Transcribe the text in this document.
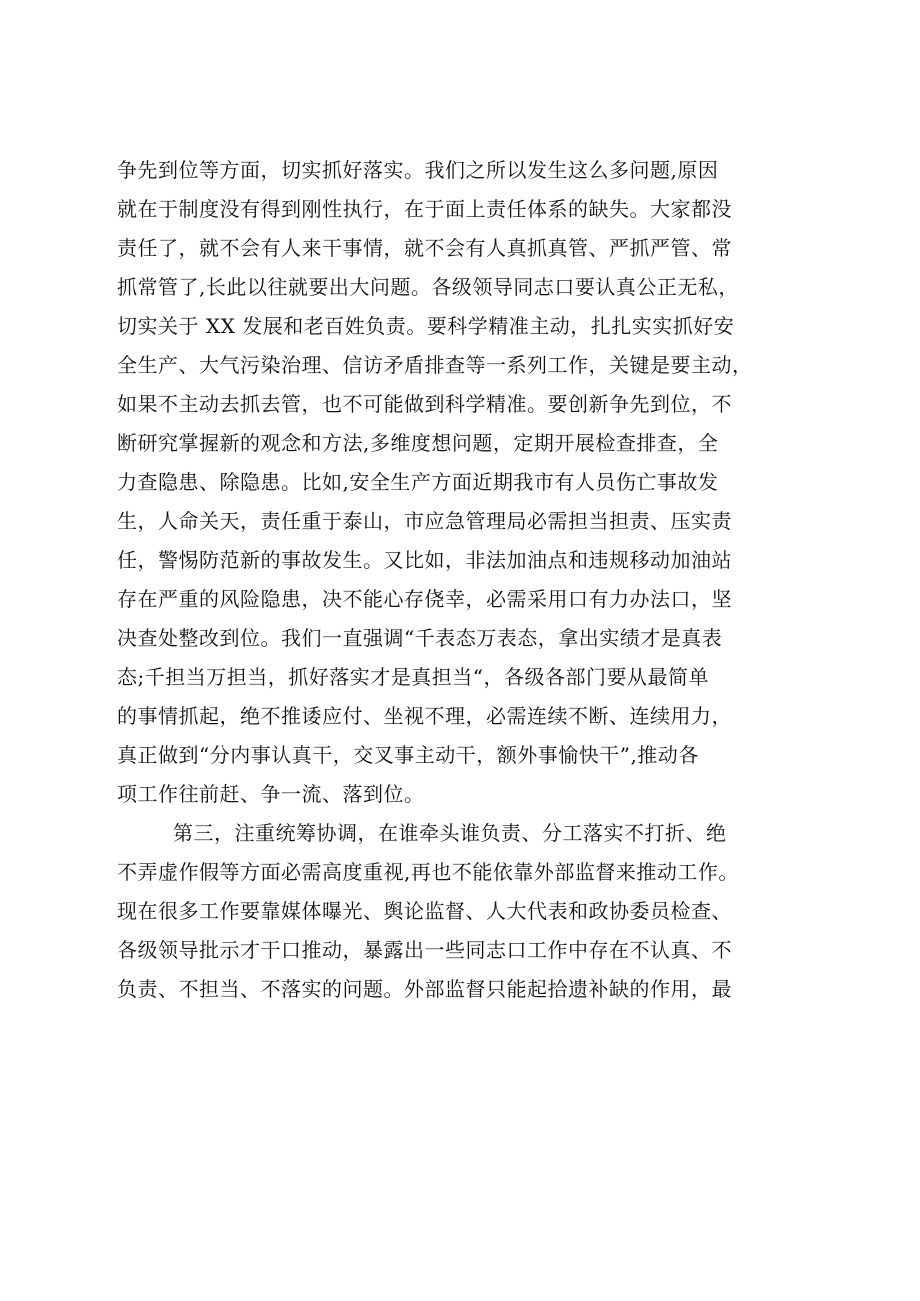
争先到位等方面，切实抓好落实。我们之所以发生这么多问题,原因
就在于制度没有得到刚性执行，在于面上责任体系的缺失。大家都没
责任了，就不会有人来干事情，就不会有人真抓真管、严抓严管、常
抓常管了,长此以往就要出大问题。各级领导同志口要认真公正无私，
切实关于 XX 发展和老百姓负责。要科学精准主动，扎扎实实抓好安
全生产、大气污染治理、信访矛盾排查等一系列工作，关键是要主动，
如果不主动去抓去管，也不可能做到科学精准。要创新争先到位，不
断研究掌握新的观念和方法,多维度想问题，定期开展检查排查，全
力查隐患、除隐患。比如,安全生产方面近期我市有人员伤亡事故发
生，人命关天，责任重于泰山，市应急管理局必需担当担责、压实责
任，警惕防范新的事故发生。又比如，非法加油点和违规移动加油站
存在严重的风险隐患，决不能心存侥幸，必需采用口有力办法口，坚
决查处整改到位。我们一直强调“千表态万表态，拿出实绩才是真表
态;千担当万担当，抓好落实才是真担当“，各级各部门要从最简单
的事情抓起，绝不推诿应付、坐视不理，必需连续不断、连续用力，
真正做到“分内事认真干，交叉事主动干，额外事愉快干”,推动各
项工作往前赶、争一流、落到位。
第三，注重统筹协调，在谁牵头谁负责、分工落实不打折、绝
不弄虚作假等方面必需高度重视,再也不能依靠外部监督来推动工作。
现在很多工作要靠媒体曝光、舆论监督、人大代表和政协委员检查、
各级领导批示才干口推动，暴露出一些同志口工作中存在不认真、不
负责、不担当、不落实的问题。外部监督只能起拾遗补缺的作用，最
